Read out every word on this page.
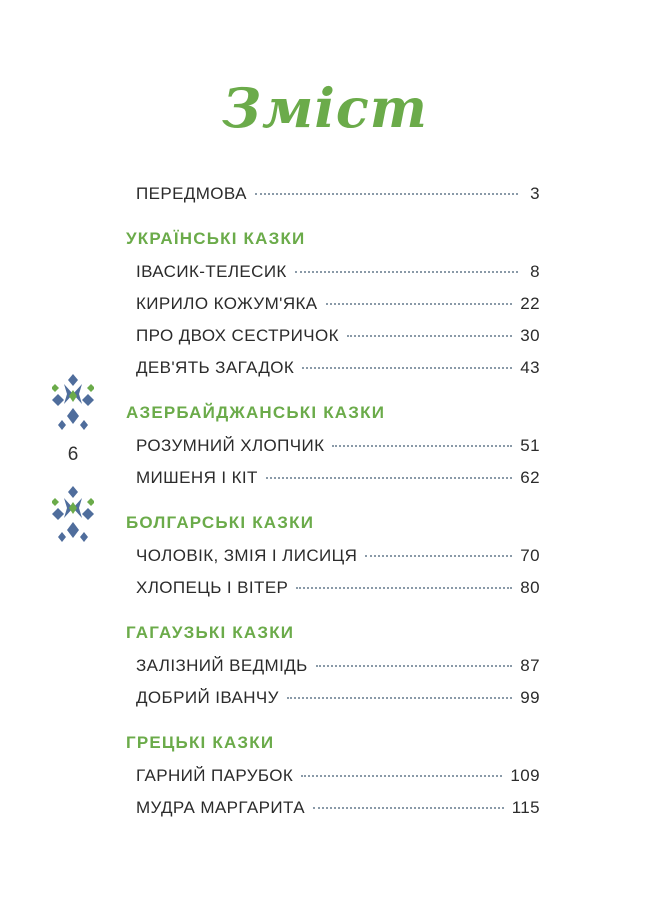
Зміст
6
ПЕРЕДМОВА	3
УКРАЇНСЬКІ КАЗКИ
ІВАСИК-ТЕЛЕСИК	8
КИРИЛО КОЖУМ'ЯКА	22
ПРО ДВОХ СЕСТРИЧОК	30
ДЕВ'ЯТЬ ЗАГАДОК	43
АЗЕРБАЙДЖАНСЬКІ КАЗКИ
РОЗУМНИЙ ХЛОПЧИК	51
МИШЕНЯ І КІТ	62
БОЛГАРСЬКІ КАЗКИ
ЧОЛОВІК, ЗМІЯ І ЛИСИЦЯ	70
ХЛОПЕЦЬ І ВІТЕР	80
ГАГАУЗЬКІ КАЗКИ
ЗАЛІЗНИЙ ВЕДМІДЬ	87
ДОБРИЙ ІВАНЧУ	99
ГРЕЦЬКІ КАЗКИ
ГАРНИЙ ПАРУБОК	109
МУДРА МАРГАРИТА	115
